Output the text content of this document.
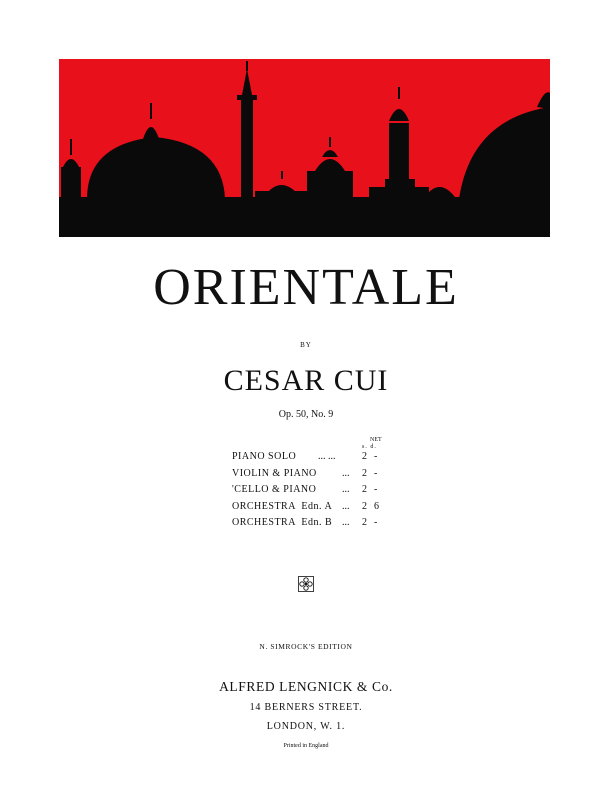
ORIENTALE
BY
CESAR CUI
Op. 50, No. 9
NET
s. d.
PIANO SOLO ... ...	2 -
VIOLIN & PIANO	... 2 -
'CELLO & PIANO	... 2 -
ORCHESTRA  Edn. A ... 2 6
ORCHESTRA  Edn. B ... 2 -
N. SIMROCK'S EDITION
ALFRED LENGNICK & Co.
14 BERNERS STREET.
LONDON, W. 1.
Printed in England
